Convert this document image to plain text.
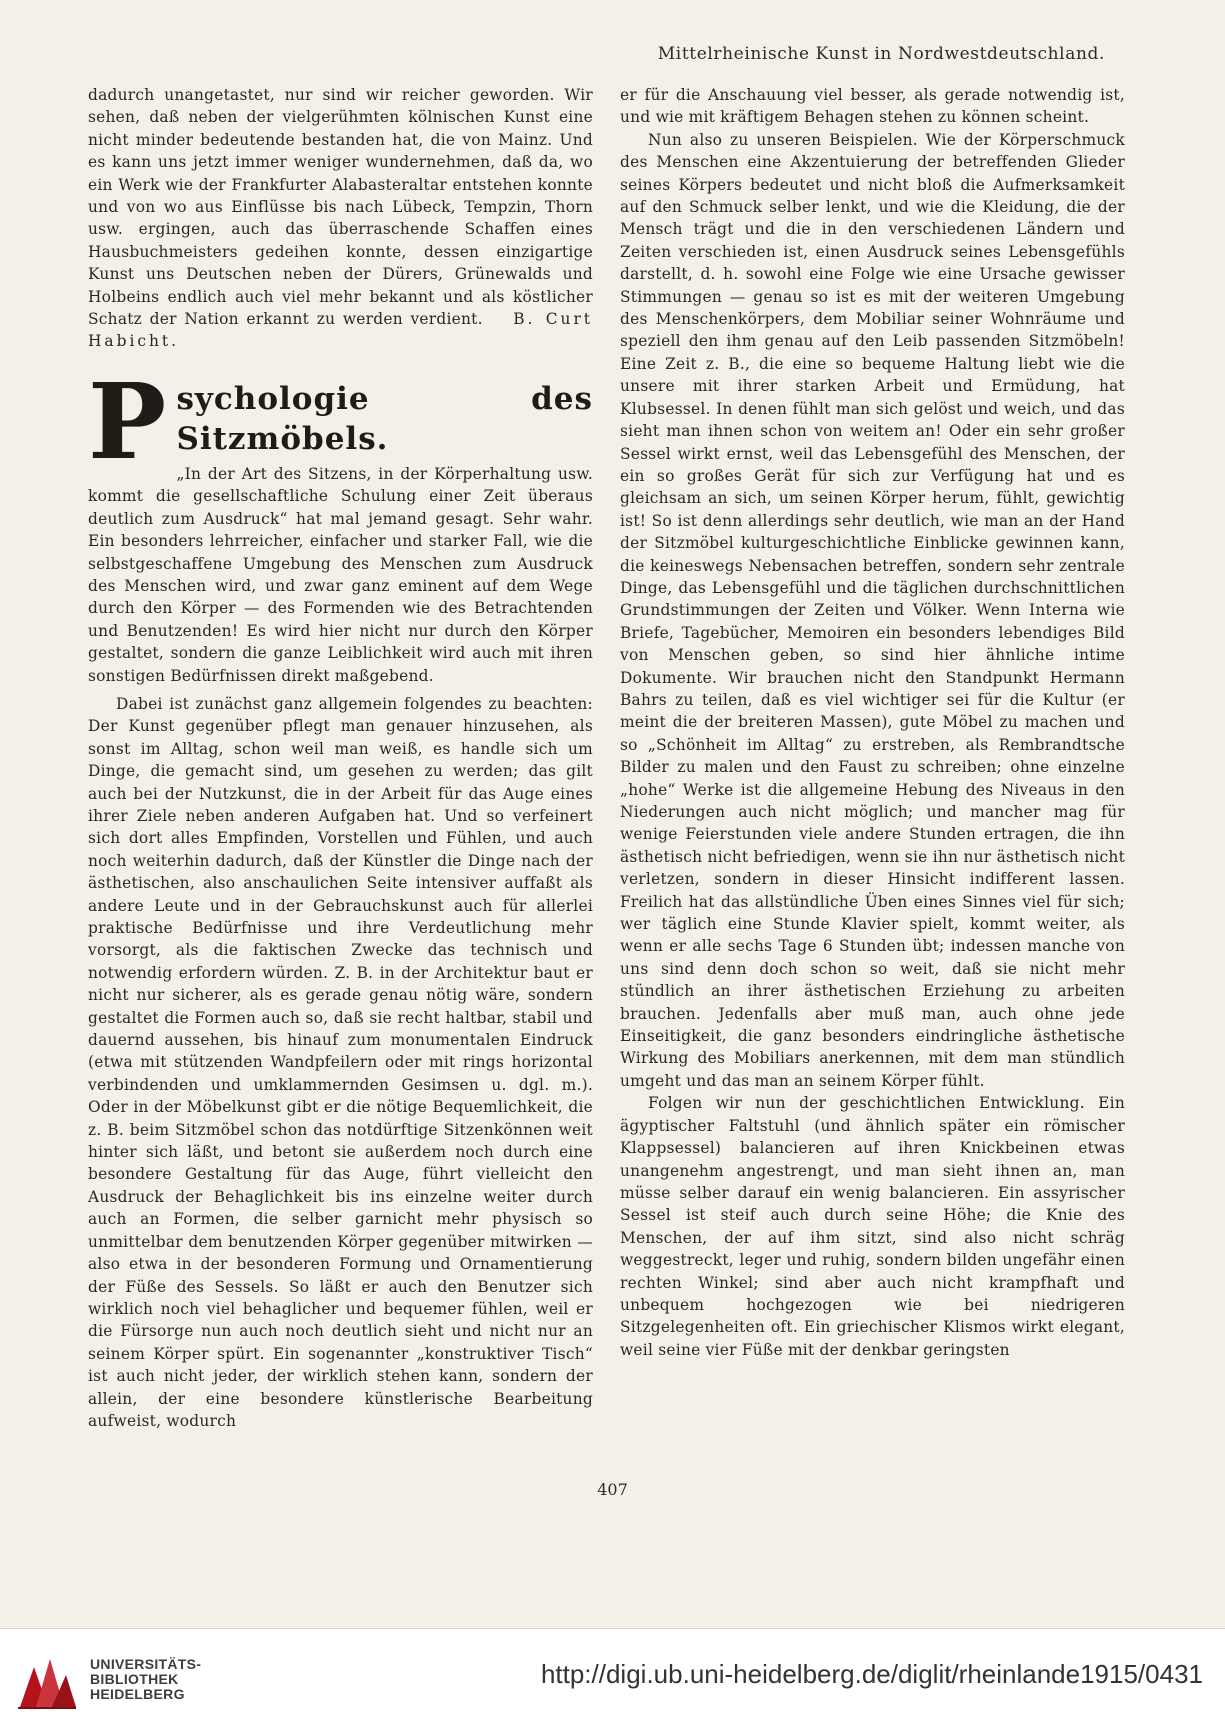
Mittelrheinische Kunst in Nordwestdeutschland.

dadurch unangetastet, nur sind wir reicher geworden. Wir sehen, daß neben der vielgerühmten kölnischen Kunst eine nicht minder bedeutende bestanden hat, die von Mainz. Und es kann uns jetzt immer weniger wundernehmen, daß da, wo ein Werk wie der Frankfurter Alabasteraltar entstehen konnte und von wo aus Einflüsse bis nach Lübeck, Tempzin, Thorn usw. ergingen, auch das überraschende Schaffen eines Hausbuchmeisters gedeihen konnte, dessen einzigartige Kunst uns Deutschen neben der Dürers, Grünewalds und Holbeins endlich auch viel mehr bekannt und als köstlicher Schatz der Nation erkannt zu werden verdient. B. Curt Habicht.

P sychologie des Sitzmöbels.

„In der Art des Sitzens, in der Körperhaltung usw. kommt die gesellschaftliche Schulung einer Zeit überaus deutlich zum Ausdruck“ hat mal jemand gesagt. Sehr wahr. Ein besonders lehrreicher, einfacher und starker Fall, wie die selbstgeschaffene Umgebung des Menschen zum Ausdruck des Menschen wird, und zwar ganz eminent auf dem Wege durch den Körper — des Formenden wie des Betrachtenden und Benutzenden! Es wird hier nicht nur durch den Körper gestaltet, sondern die ganze Leiblichkeit wird auch mit ihren sonstigen Bedürfnissen direkt maßgebend.

Dabei ist zunächst ganz allgemein folgendes zu beachten: Der Kunst gegenüber pflegt man genauer hinzusehen, als sonst im Alltag, schon weil man weiß, es handle sich um Dinge, die gemacht sind, um gesehen zu werden; das gilt auch bei der Nutzkunst, die in der Arbeit für das Auge eines ihrer Ziele neben anderen Aufgaben hat. Und so verfeinert sich dort alles Empfinden, Vorstellen und Fühlen, und auch noch weiterhin dadurch, daß der Künstler die Dinge nach der ästhetischen, also anschaulichen Seite intensiver auffaßt als andere Leute und in der Gebrauchskunst auch für allerlei praktische Bedürfnisse und ihre Verdeutlichung mehr vorsorgt, als die faktischen Zwecke das technisch und notwendig erfordern würden. Z. B. in der Architektur baut er nicht nur sicherer, als es gerade genau nötig wäre, sondern gestaltet die Formen auch so, daß sie recht haltbar, stabil und dauernd aussehen, bis hinauf zum monumentalen Eindruck (etwa mit stützenden Wandpfeilern oder mit rings horizontal verbindenden und umklammernden Gesimsen u. dgl. m.). Oder in der Möbelkunst gibt er die nötige Bequemlichkeit, die z. B. beim Sitzmöbel schon das notdürftige Sitzenkönnen weit hinter sich läßt, und betont sie außerdem noch durch eine besondere Gestaltung für das Auge, führt vielleicht den Ausdruck der Behaglichkeit bis ins einzelne weiter durch auch an Formen, die selber garnicht mehr physisch so unmittelbar dem benutzenden Körper gegenüber mitwirken — also etwa in der besonderen Formung und Ornamentierung der Füße des Sessels. So läßt er auch den Benutzer sich wirklich noch viel behaglicher und bequemer fühlen, weil er die Fürsorge nun auch noch deutlich sieht und nicht nur an seinem Körper spürt. Ein sogenannter „konstruktiver Tisch“ ist auch nicht jeder, der wirklich stehen kann, sondern der allein, der eine besondere künstlerische Bearbeitung aufweist, wodurch

er für die Anschauung viel besser, als gerade notwendig ist, und wie mit kräftigem Behagen stehen zu können scheint.

Nun also zu unseren Beispielen. Wie der Körperschmuck des Menschen eine Akzentuierung der betreffenden Glieder seines Körpers bedeutet und nicht bloß die Aufmerksamkeit auf den Schmuck selber lenkt, und wie die Kleidung, die der Mensch trägt und die in den verschiedenen Ländern und Zeiten verschieden ist, einen Ausdruck seines Lebensgefühls darstellt, d. h. sowohl eine Folge wie eine Ursache gewisser Stimmungen — genau so ist es mit der weiteren Umgebung des Menschenkörpers, dem Mobiliar seiner Wohnräume und speziell den ihm genau auf den Leib passenden Sitzmöbeln! Eine Zeit z. B., die eine so bequeme Haltung liebt wie die unsere mit ihrer starken Arbeit und Ermüdung, hat Klubsessel. In denen fühlt man sich gelöst und weich, und das sieht man ihnen schon von weitem an! Oder ein sehr großer Sessel wirkt ernst, weil das Lebensgefühl des Menschen, der ein so großes Gerät für sich zur Verfügung hat und es gleichsam an sich, um seinen Körper herum, fühlt, gewichtig ist! So ist denn allerdings sehr deutlich, wie man an der Hand der Sitzmöbel kulturgeschichtliche Einblicke gewinnen kann, die keineswegs Nebensachen betreffen, sondern sehr zentrale Dinge, das Lebensgefühl und die täglichen durchschnittlichen Grundstimmungen der Zeiten und Völker. Wenn Interna wie Briefe, Tagebücher, Memoiren ein besonders lebendiges Bild von Menschen geben, so sind hier ähnliche intime Dokumente. Wir brauchen nicht den Standpunkt Hermann Bahrs zu teilen, daß es viel wichtiger sei für die Kultur (er meint die der breiteren Massen), gute Möbel zu machen und so „Schönheit im Alltag“ zu erstreben, als Rembrandtsche Bilder zu malen und den Faust zu schreiben; ohne einzelne „hohe“ Werke ist die allgemeine Hebung des Niveaus in den Niederungen auch nicht möglich; und mancher mag für wenige Feierstunden viele andere Stunden ertragen, die ihn ästhetisch nicht befriedigen, wenn sie ihn nur ästhetisch nicht verletzen, sondern in dieser Hinsicht indifferent lassen. Freilich hat das allstündliche Üben eines Sinnes viel für sich; wer täglich eine Stunde Klavier spielt, kommt weiter, als wenn er alle sechs Tage 6 Stunden übt; indessen manche von uns sind denn doch schon so weit, daß sie nicht mehr stündlich an ihrer ästhetischen Erziehung zu arbeiten brauchen. Jedenfalls aber muß man, auch ohne jede Einseitigkeit, die ganz besonders eindringliche ästhetische Wirkung des Mobiliars anerkennen, mit dem man stündlich umgeht und das man an seinem Körper fühlt.

Folgen wir nun der geschichtlichen Entwicklung. Ein ägyptischer Faltstuhl (und ähnlich später ein römischer Klappsessel) balancieren auf ihren Knickbeinen etwas unangenehm angestrengt, und man sieht ihnen an, man müsse selber darauf ein wenig balancieren. Ein assyrischer Sessel ist steif auch durch seine Höhe; die Knie des Menschen, der auf ihm sitzt, sind also nicht schräg weggestreckt, leger und ruhig, sondern bilden ungefähr einen rechten Winkel; sind aber auch nicht krampfhaft und unbequem hochgezogen wie bei niedrigeren Sitzgelegenheiten oft. Ein griechischer Klismos wirkt elegant, weil seine vier Füße mit der denkbar geringsten

407
UNIVERSITÄTS-
BIBLIOTHEK
HEIDELBERG
http://digi.ub.uni-heidelberg.de/diglit/rheinlande1915/0431
